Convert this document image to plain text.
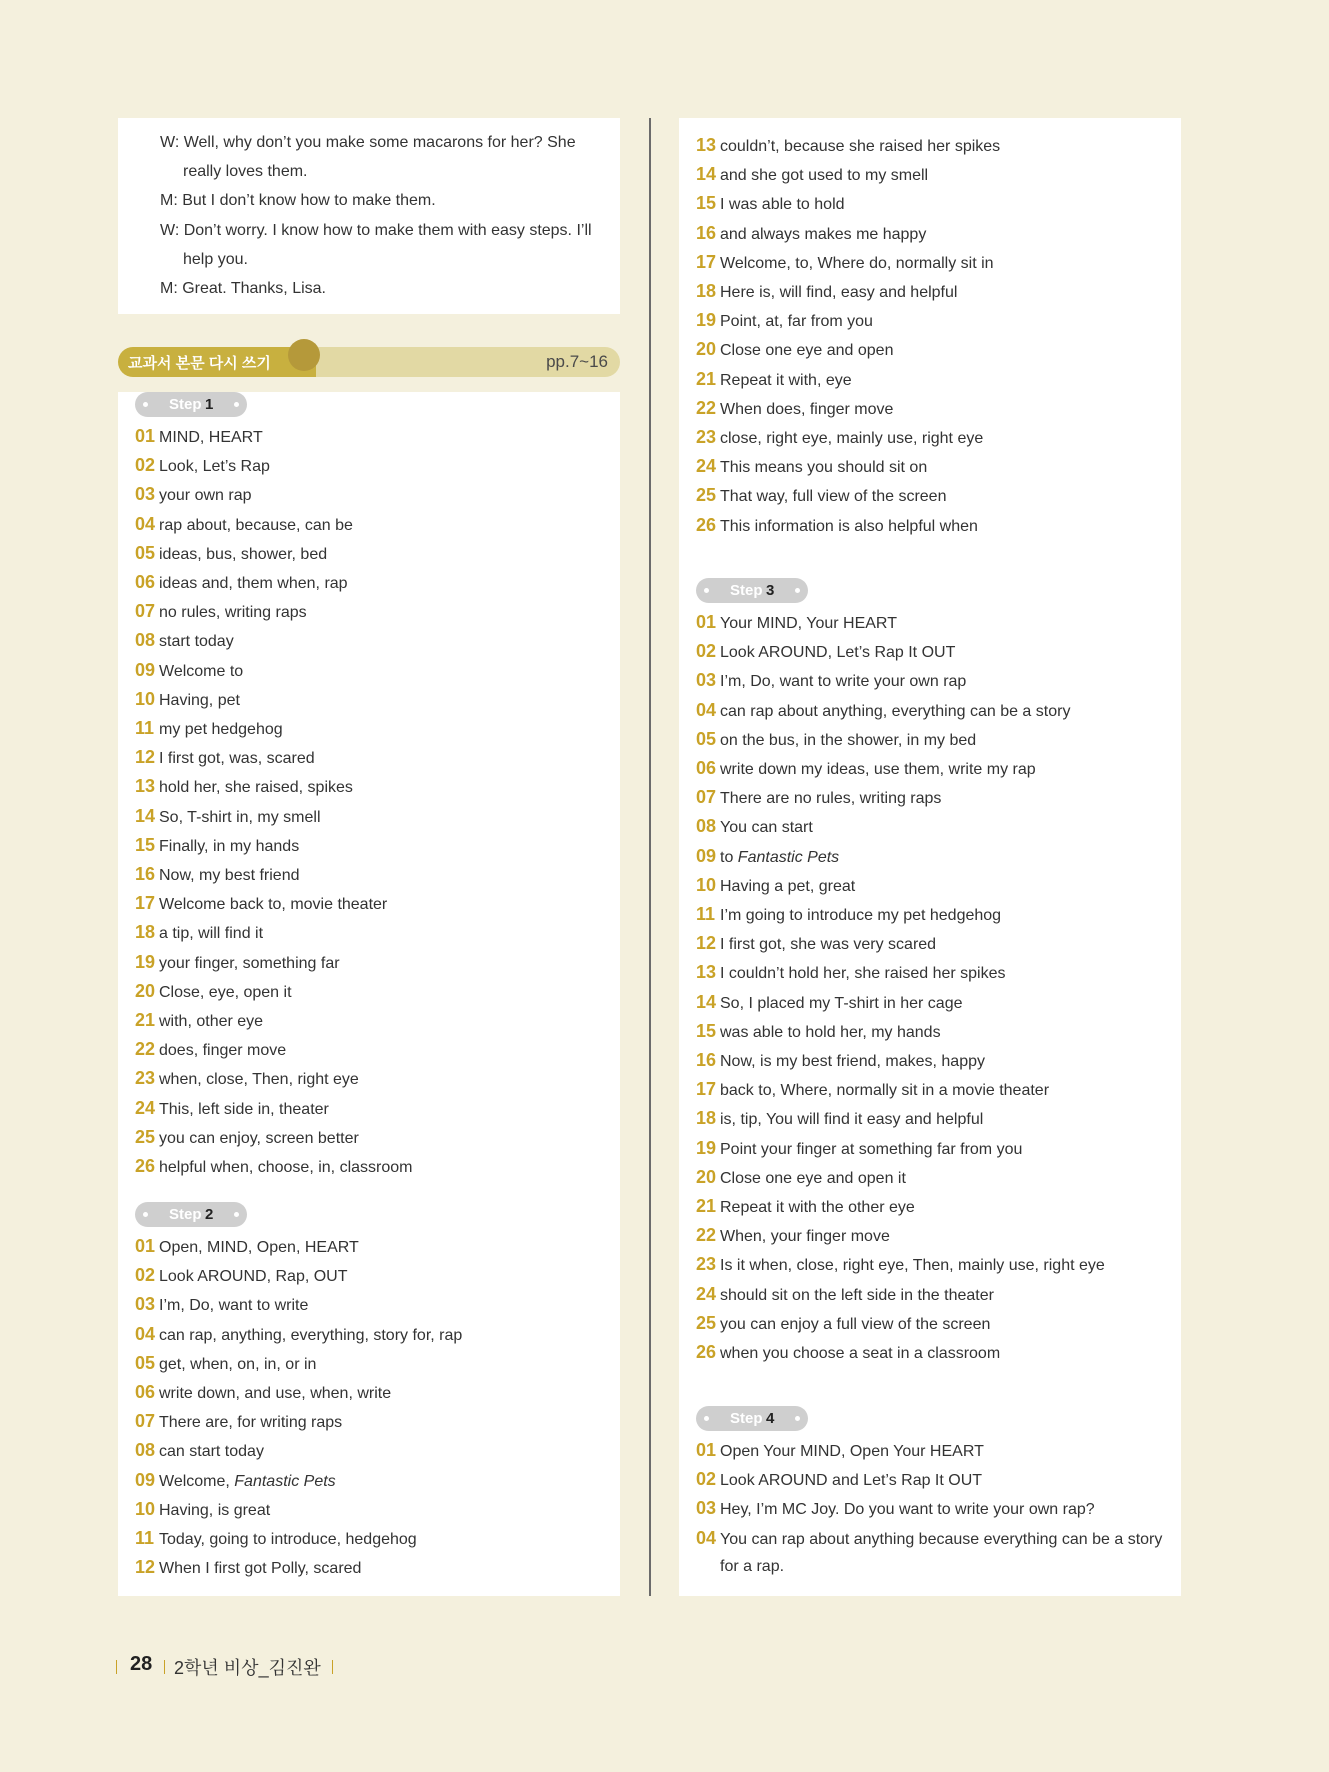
W: Well, why don’t you make some macarons for her? She
really loves them.
M: But I don’t know how to make them.
W: Don’t worry. I know how to make them with easy steps. I’ll
help you.
M: Great. Thanks, Lisa.
pp.7~16
교과서 본문 다시 쓰기
Step 1
01 MIND, HEART
02 Look, Let’s Rap
03 your own rap
04 rap about, because, can be
05 ideas, bus, shower, bed
06 ideas and, them when, rap
07 no rules, writing raps
08 start today
09 Welcome to
10 Having, pet
11 my pet hedgehog
12 I first got, was, scared
13 hold her, she raised, spikes
14 So, T-shirt in, my smell
15 Finally, in my hands
16 Now, my best friend
17 Welcome back to, movie theater
18 a tip, will find it
19 your finger, something far
20 Close, eye, open it
21 with, other eye
22 does, finger move
23 when, close, Then, right eye
24 This, left side in, theater
25 you can enjoy, screen better
26 helpful when, choose, in, classroom
Step 2
01 Open, MIND, Open, HEART
02 Look AROUND, Rap, OUT
03 I’m, Do, want to write
04 can rap, anything, everything, story for, rap
05 get, when, on, in, or in
06 write down, and use, when, write
07 There are, for writing raps
08 can start today
09 Welcome, Fantastic Pets
10 Having, is great
11 Today, going to introduce, hedgehog
12 When I first got Polly, scared
13 couldn’t, because she raised her spikes
14 and she got used to my smell
15 I was able to hold
16 and always makes me happy
17 Welcome, to, Where do, normally sit in
18 Here is, will find, easy and helpful
19 Point, at, far from you
20 Close one eye and open
21 Repeat it with, eye
22 When does, finger move
23 close, right eye, mainly use, right eye
24 This means you should sit on
25 That way, full view of the screen
26 This information is also helpful when
Step 3
01 Your MIND, Your HEART
02 Look AROUND, Let’s Rap It OUT
03 I’m, Do, want to write your own rap
04 can rap about anything, everything can be a story
05 on the bus, in the shower, in my bed
06 write down my ideas, use them, write my rap
07 There are no rules, writing raps
08 You can start
09 to Fantastic Pets
10 Having a pet, great
11 I’m going to introduce my pet hedgehog
12 I first got, she was very scared
13 I couldn’t hold her, she raised her spikes
14 So, I placed my T-shirt in her cage
15 was able to hold her, my hands
16 Now, is my best friend, makes, happy
17 back to, Where, normally sit in a movie theater
18 is, tip, You will find it easy and helpful
19 Point your finger at something far from you
20 Close one eye and open it
21 Repeat it with the other eye
22 When, your finger move
23 Is it when, close, right eye, Then, mainly use, right eye
24 should sit on the left side in the theater
25 you can enjoy a full view of the screen
26 when you choose a seat in a classroom
Step 4
01 Open Your MIND, Open Your HEART
02 Look AROUND and Let’s Rap It OUT
03 Hey, I’m MC Joy. Do you want to write your own rap?
04 You can rap about anything because everything can be a story
for a rap.
28 2학년 비상_김진완
